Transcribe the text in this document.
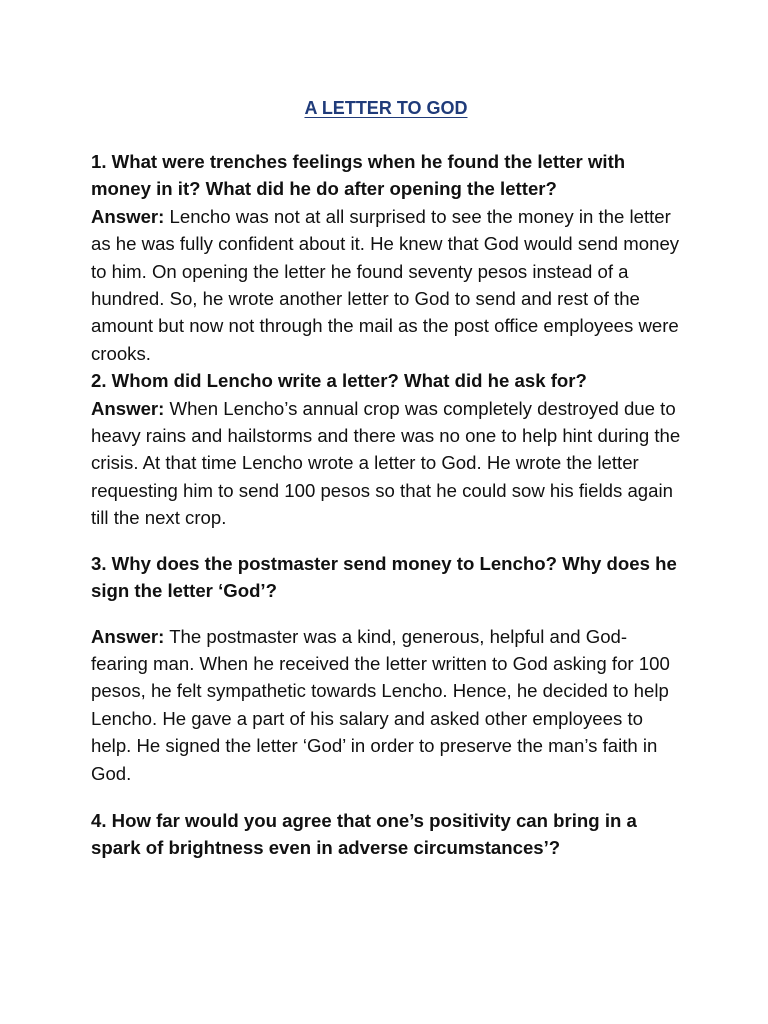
A LETTER TO GOD

1. What were trenches feelings when he found the letter with money in it? What did he do after opening the letter?

Answer: Lencho was not at all surprised to see the money in the letter as he was fully confident about it. He knew that God would send money to him. On opening the letter he found seventy pesos instead of a hundred. So, he wrote another letter to God to send and rest of the amount but now not through the mail as the post office employees were crooks.

2. Whom did Lencho write a letter? What did he ask for?

Answer: When Lencho’s annual crop was completely destroyed due to heavy rains and hailstorms and there was no one to help hint during the crisis. At that time Lencho wrote a letter to God. He wrote the letter requesting him to send 100 pesos so that he could sow his fields again till the next crop.

3. Why does the postmaster send money to Lencho? Why does he sign the letter ‘God’?

Answer: The postmaster was a kind, generous, helpful and God-fearing man. When he received the letter written to God asking for 100 pesos, he felt sympathetic towards Lencho. Hence, he decided to help Lencho. He gave a part of his salary and asked other employees to help. He signed the letter ‘God’ in order to preserve the man’s faith in God.

4. How far would you agree that one’s positivity can bring in a spark of brightness even in adverse circumstances’?
